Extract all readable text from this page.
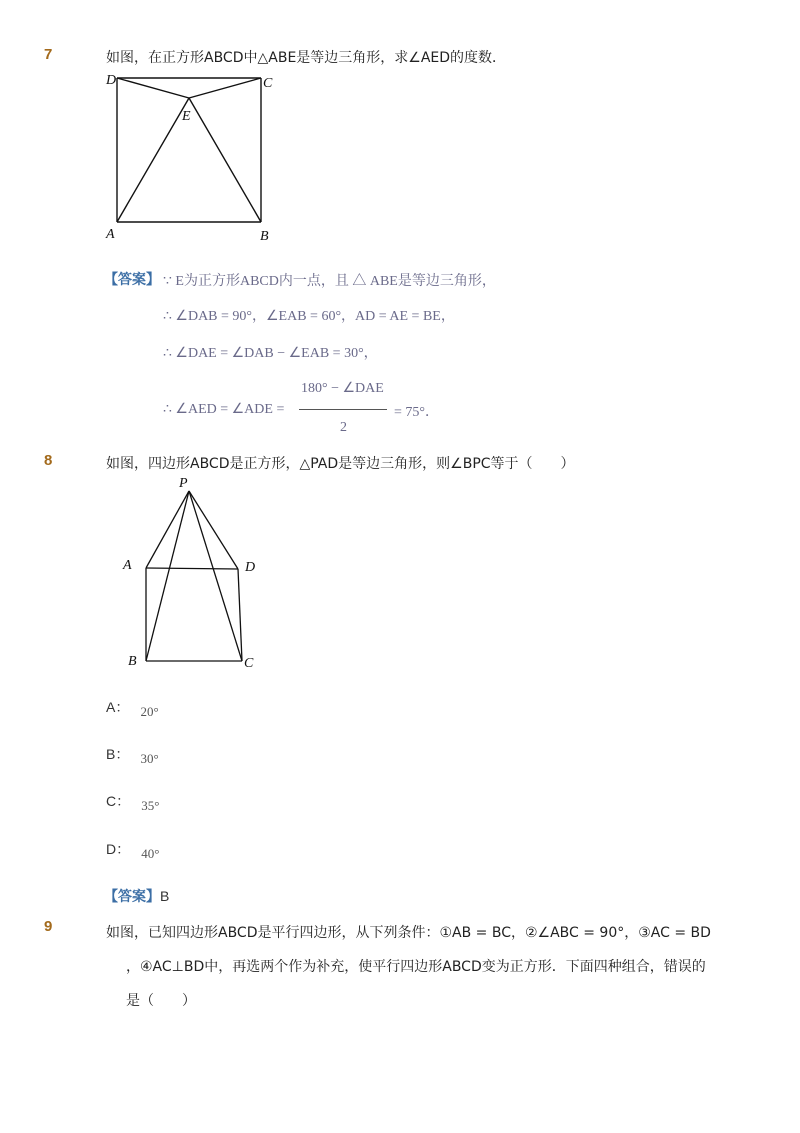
7	如图，在正方形ABCD中△ABE是等边三角形，求∠AED的度数．
D	C
E
A	B
【答案】 ∵ E为正方形ABCD内一点，且 △ ABE是等边三角形，
∴ ∠DAB = 90°，∠EAB = 60°，AD = AE = BE，
∴ ∠DAE = ∠DAB − ∠EAB = 30°，
∴ ∠AED = ∠ADE =
180° − ∠DAE
2
= 75°．
8	如图，四边形ABCD是正方形，△PAD是等边三角形，则∠BPC等于（　　）
P
A	D
B	C
A： $_{20^\circ}$
B： $_{30^\circ}$
C： $_{35^\circ}$
D： $_{40^\circ}$
【答案】B
9	如图，已知四边形ABCD是平行四边形，从下列条件：①AB = BC，②∠ABC = 90°，③AC = BD
，④AC⊥BD中，再选两个作为补充，使平行四边形ABCD变为正方形．下面四种组合，错误的
是（　　）
